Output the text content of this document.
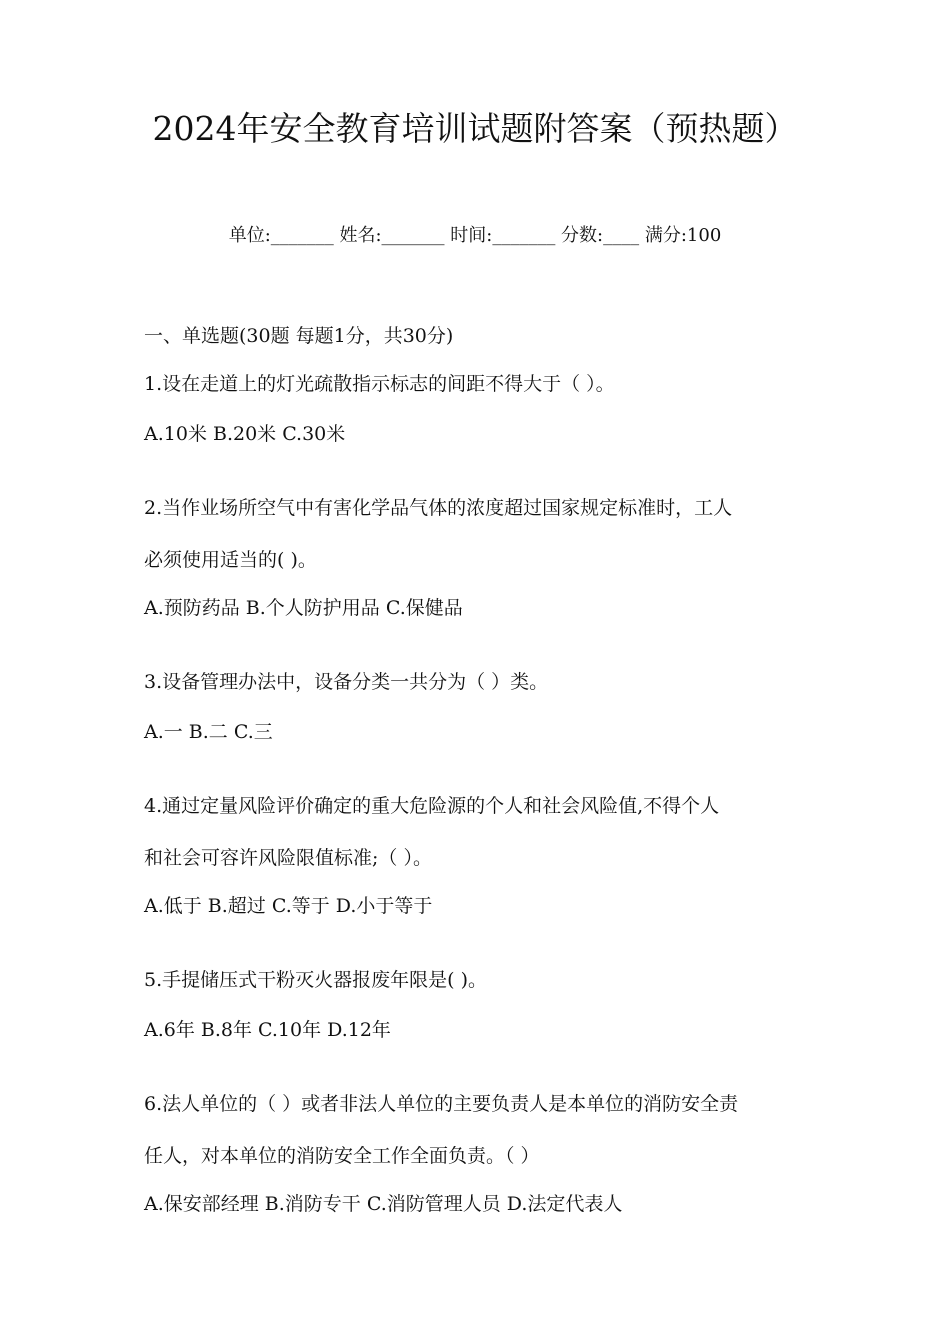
2024年安全教育培训试题附答案（预热题）
单位:_______ 姓名:_______ 时间:_______ 分数:____ 满分:100
一、单选题(30题 每题1分，共30分)
1.设在走道上的灯光疏散指示标志的间距不得大于（ ）。
A.10米 B.20米 C.30米
2.当作业场所空气中有害化学品气体的浓度超过国家规定标准时，工人
必须使用适当的( )。
A.预防药品 B.个人防护用品 C.保健品
3.设备管理办法中，设备分类一共分为（ ）类。
A.一 B.二 C.三
4.通过定量风险评价确定的重大危险源的个人和社会风险值,不得个人
和社会可容许风险限值标准;（ ）。
A.低于 B.超过 C.等于 D.小于等于
5.手提储压式干粉灭火器报废年限是( )。
A.6年 B.8年 C.10年 D.12年
6.法人单位的（ ）或者非法人单位的主要负责人是本单位的消防安全责
任人，对本单位的消防安全工作全面负责。（ ）
A.保安部经理 B.消防专干 C.消防管理人员 D.法定代表人
